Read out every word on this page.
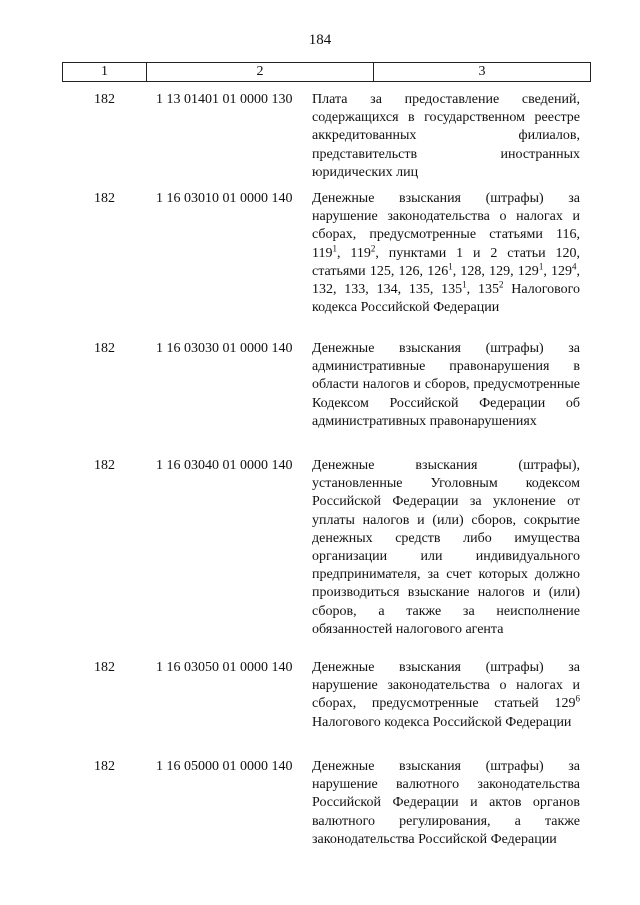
184
1	2	3
182	1 13 01401 01 0000 130	Плата за предоставление сведений, содержащихся в государственном реестре аккредитованных филиалов, представительств иностранных юридических лиц
182	1 16 03010 01 0000 140	Денежные взыскания (штрафы) за нарушение законодательства о налогах и сборах, предусмотренные статьями 116, $119^1$, $119^2$, пунктами 1 и 2 статьи 120, статьями 125, 126, $126^1$, 128, 129, $129^1$, $129^4$, 132, 133, 134, 135, $135^1$, $135^2$ Налогового кодекса Российской Федерации
182	1 16 03030 01 0000 140	Денежные взыскания (штрафы) за административные правонарушения в области налогов и сборов, предусмотренные Кодексом Российской Федерации об административных правонарушениях
182	1 16 03040 01 0000 140	Денежные взыскания (штрафы), установленные Уголовным кодексом Российской Федерации за уклонение от уплаты налогов и (или) сборов, сокрытие денежных средств либо имущества организации или индивидуального предпринимателя, за счет которых должно производиться взыскание налогов и (или) сборов, а также за неисполнение обязанностей налогового агента
182	1 16 03050 01 0000 140	Денежные взыскания (штрафы) за нарушение законодательства о налогах и сборах, предусмотренные статьей $129^6$ Налогового кодекса Российской Федерации
182	1 16 05000 01 0000 140	Денежные взыскания (штрафы) за нарушение валютного законодательства Российской Федерации и актов органов валютного регулирования, а также законодательства Российской Федерации
